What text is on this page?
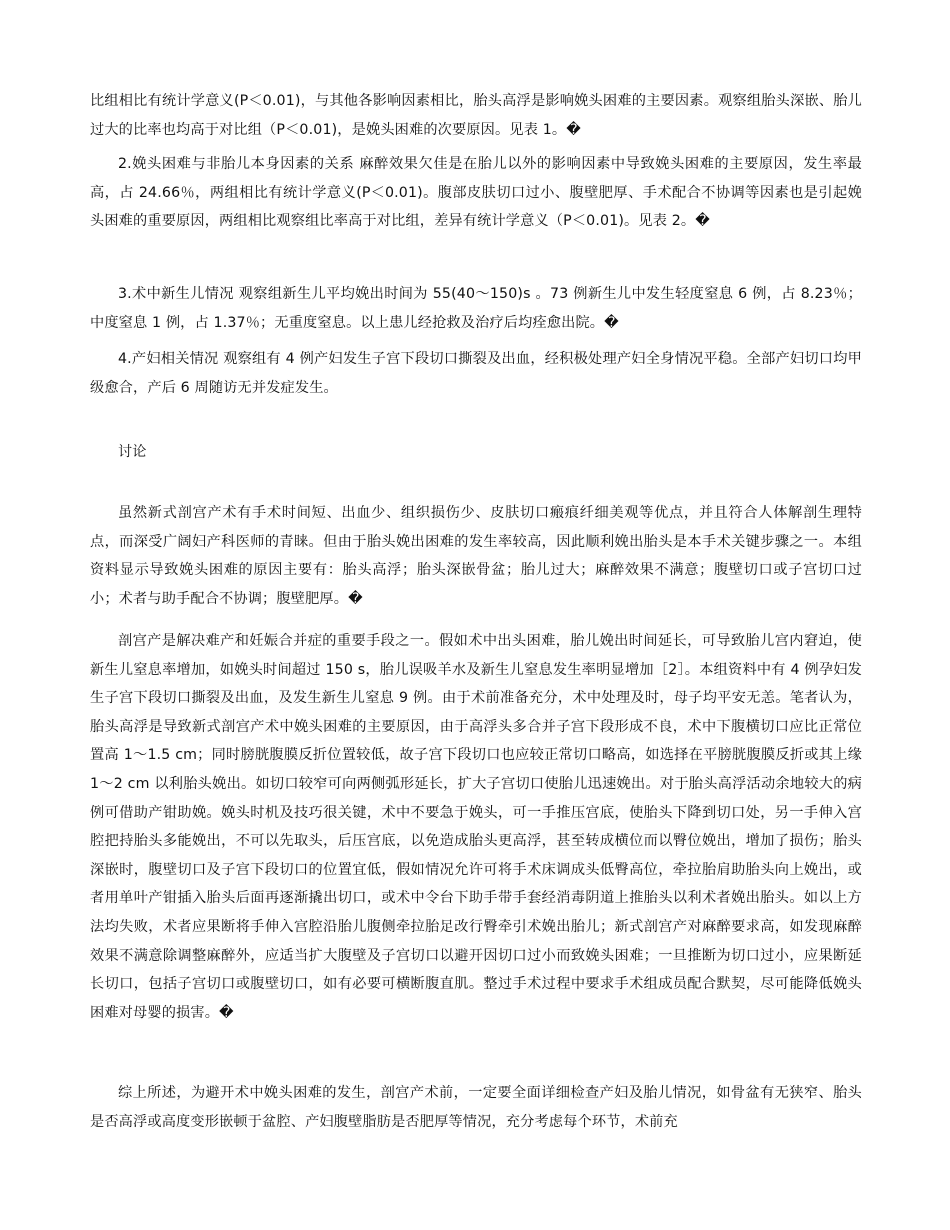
比组相比有统计学意义(P＜0.01)，与其他各影响因素相比，胎头高浮是影响娩头困难的主要因素。观察组胎头深嵌、胎儿过大的比率也均高于对比组（P＜0.01)，是娩头困难的次要原因。见表 1。�

2.娩头困难与非胎儿本身因素的关系 麻醉效果欠佳是在胎儿以外的影响因素中导致娩头困难的主要原因，发生率最高，占 24.66％，两组相比有统计学意义(P＜0.01)。腹部皮肤切口过小、腹壁肥厚、手术配合不协调等因素也是引起娩头困难的重要原因，两组相比观察组比率高于对比组，差异有统计学意义（P＜0.01)。见表 2。�

3.术中新生儿情况 观察组新生儿平均娩出时间为 55(40～150)s 。73 例新生儿中发生轻度窒息 6 例，占 8.23％；中度窒息 1 例，占 1.37％；无重度窒息。以上患儿经抢救及治疗后均痊愈出院。�

4.产妇相关情况 观察组有 4 例产妇发生子宫下段切口撕裂及出血，经积极处理产妇全身情况平稳。全部产妇切口均甲级愈合，产后 6 周随访无并发症发生。

讨论

虽然新式剖宫产术有手术时间短、出血少、组织损伤少、皮肤切口瘢痕纤细美观等优点，并且符合人体解剖生理特点，而深受广阔妇产科医师的青睐。但由于胎头娩出困难的发生率较高，因此顺利娩出胎头是本手术关键步骤之一。本组资料显示导致娩头困难的原因主要有：胎头高浮；胎头深嵌骨盆；胎儿过大；麻醉效果不满意；腹壁切口或子宫切口过小；术者与助手配合不协调；腹壁肥厚。�

剖宫产是解决难产和妊娠合并症的重要手段之一。假如术中出头困难，胎儿娩出时间延长，可导致胎儿宫内窘迫，使新生儿窒息率增加，如娩头时间超过 150 s，胎儿误吸羊水及新生儿窒息发生率明显增加［2］。本组资料中有 4 例孕妇发生子宫下段切口撕裂及出血，及发生新生儿窒息 9 例。由于术前准备充分，术中处理及时，母子均平安无恙。笔者认为，胎头高浮是导致新式剖宫产术中娩头困难的主要原因，由于高浮头多合并子宫下段形成不良，术中下腹横切口应比正常位置高 1～1.5 cm；同时膀胱腹膜反折位置较低，故子宫下段切口也应较正常切口略高，如选择在平膀胱腹膜反折或其上缘 1～2 cm 以利胎头娩出。如切口较窄可向两侧弧形延长，扩大子宫切口使胎儿迅速娩出。对于胎头高浮活动余地较大的病例可借助产钳助娩。娩头时机及技巧很关键，术中不要急于娩头，可一手推压宫底，使胎头下降到切口处，另一手伸入宫腔把持胎头多能娩出，不可以先取头，后压宫底，以免造成胎头更高浮，甚至转成横位而以臀位娩出，增加了损伤；胎头深嵌时，腹壁切口及子宫下段切口的位置宜低，假如情况允许可将手术床调成头低臀高位，牵拉胎肩助胎头向上娩出，或者用单叶产钳插入胎头后面再逐渐撬出切口，或术中令台下助手带手套经消毒阴道上推胎头以利术者娩出胎头。如以上方法均失败，术者应果断将手伸入宫腔沿胎儿腹侧牵拉胎足改行臀牵引术娩出胎儿；新式剖宫产对麻醉要求高，如发现麻醉效果不满意除调整麻醉外，应适当扩大腹壁及子宫切口以避开因切口过小而致娩头困难；一旦推断为切口过小，应果断延长切口，包括子宫切口或腹壁切口，如有必要可横断腹直肌。整过手术过程中要求手术组成员配合默契，尽可能降低娩头困难对母婴的损害。�

综上所述，为避开术中娩头困难的发生，剖宫产术前，一定要全面详细检查产妇及胎儿情况，如骨盆有无狭窄、胎头是否高浮或高度变形嵌顿于盆腔、产妇腹壁脂肪是否肥厚等情况，充分考虑每个环节，术前充
